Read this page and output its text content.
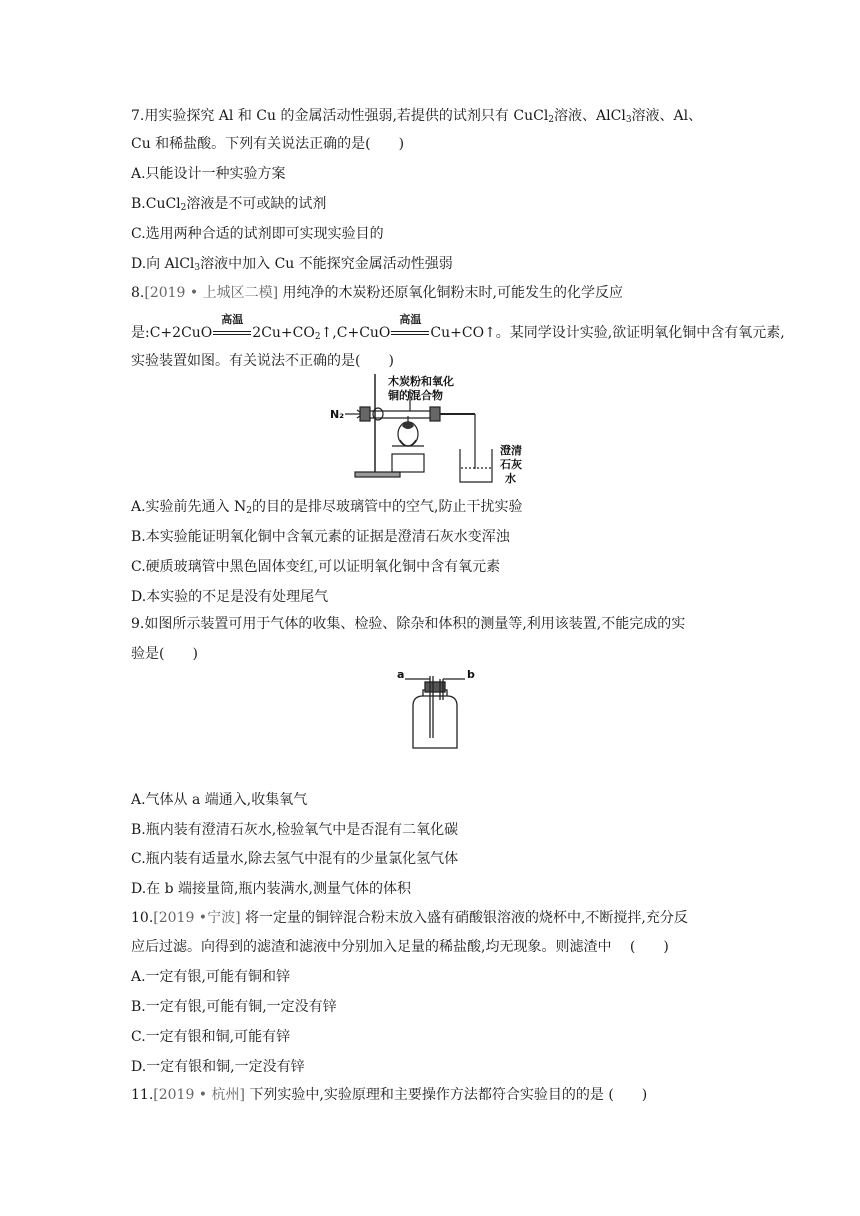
7.用实验探究 Al 和 Cu 的金属活动性强弱,若提供的试剂只有 CuCl$_2$溶液、AlCl$_3$溶液、Al、
Cu 和稀盐酸。下列有关说法正确的是(　　)
A.只能设计一种实验方案
B.CuCl$_2$溶液是不可或缺的试剂
C.选用两种合适的试剂即可实现实验目的
D.向 AlCl$_3$溶液中加入 Cu 不能探究金属活动性强弱
8.[2019 • 上城区二模] 用纯净的木炭粉还原氧化铜粉末时,可能发生的化学反应
是:C+2CuO
高温
$2Cu+CO_2↑,C+CuO$
高温
Cu+CO↑。某同学设计实验,欲证明氧化铜中含有氧元素,
实验装置如图。有关说法不正确的是(　　)
N₂
木炭粉和氧化
铜的混合物
澄清
石灰
水
A.实验前先通入 $N_2$的目的是排尽玻璃管中的空气,防止干扰实验
B.本实验能证明氧化铜中含氧元素的证据是澄清石灰水变浑浊
C.硬质玻璃管中黑色固体变红,可以证明氧化铜中含有氧元素
D.本实验的不足是没有处理尾气
9.如图所示装置可用于气体的收集、检验、除杂和体积的测量等,利用该装置,不能完成的实
验是(　　)
a	b
A.气体从 a 端通入,收集氧气
B.瓶内装有澄清石灰水,检验氧气中是否混有二氧化碳
C.瓶内装有适量水,除去氢气中混有的少量氯化氢气体
D.在 b 端接量筒,瓶内装满水,测量气体的体积
10.[2019 •宁波] 将一定量的铜锌混合粉末放入盛有硝酸银溶液的烧杯中,不断搅拌,充分反
应后过滤。向得到的滤渣和滤液中分别加入足量的稀盐酸,均无现象。则滤渣中　 (　　)
A.一定有银,可能有铜和锌
B.一定有银,可能有铜,一定没有锌
C.一定有银和铜,可能有锌
D.一定有银和铜,一定没有锌
11.[2019 • 杭州] 下列实验中,实验原理和主要操作方法都符合实验目的的是 (　　)
